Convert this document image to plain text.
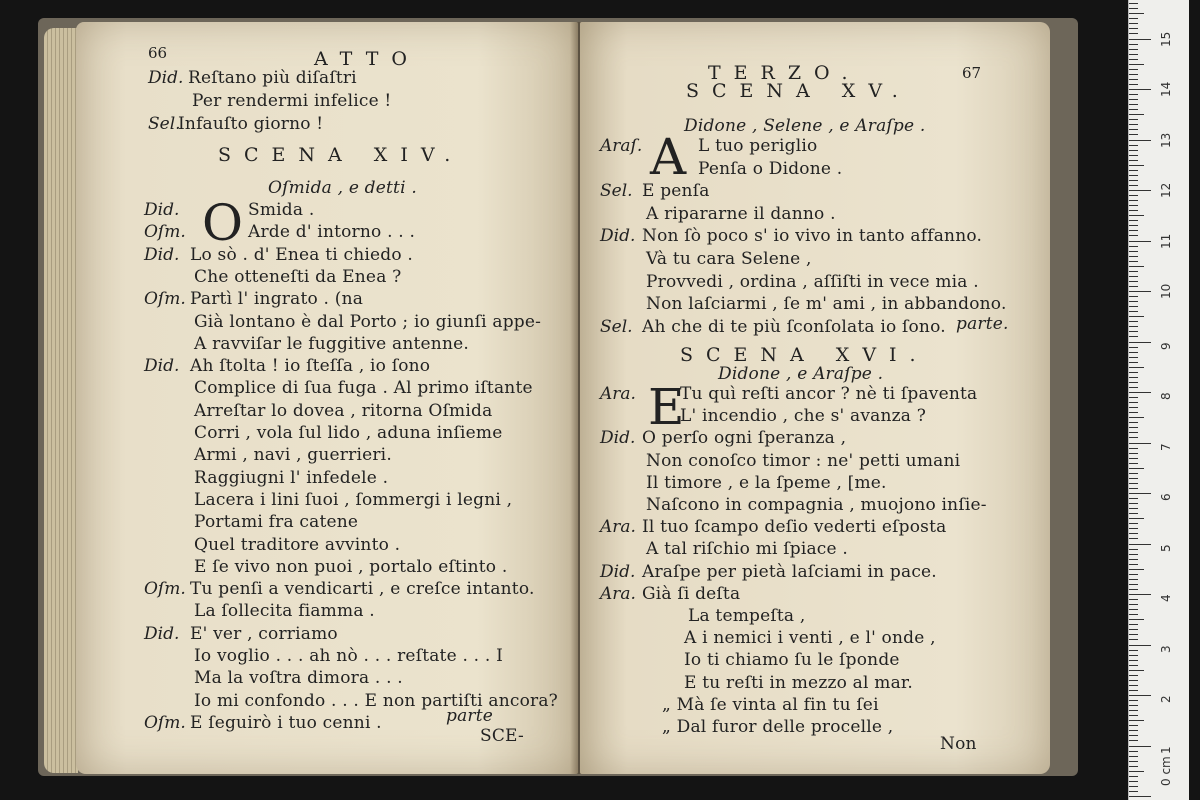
66	ATTO
Did. Reſtano più diſaſtri
Per rendermi infelice !
Sel.
Infauſto giorno !
SCENA XIV.
Oſmida , e detti .
O
Did.	Smida .
Oſm.	Arde d' intorno . . .
Did. Lo sò . d' Enea ti chiedo .
Che otteneſti da Enea ?
Oſm. Partì l' ingrato . (na
Già lontano è dal Porto ; io giunſi appe-
A ravviſar le fuggitive antenne.
Did. Ah ſtolta ! io ſteſſa , io ſono
Complice di ſua fuga . Al primo iſtante
Arreſtar lo dovea , ritorna Oſmida
Corri , vola ſul lido , aduna inſieme
Armi , navi , guerrieri.
Raggiugni l' infedele .
Lacera i lini ſuoi , ſommergi i legni ,
Portami fra catene
Quel traditore avvinto .
E ſe vivo non puoi , portalo eſtinto .
Oſm. Tu penſi a vendicarti , e creſce intanto.
La ſollecita fiamma .
Did. E' ver , corriamo
Io voglio . . . ah nò . . . reſtate . . . I
Ma la voſtra dimora . . .
Io mi confondo . . . E non partiſti ancora?
Oſm. E ſeguirò i tuo cenni .	parte
SCE-
TERZO.	67
SCENA XV.
Didone , Selene , e Araſpe .
A
Araſ.	L tuo periglio
Penſa o Didone .
Sel. E penſa
A ripararne il danno .
Did. Non ſò poco s' io vivo in tanto affanno.
Và tu cara Selene ,
Provvedi , ordina , aſſiſti in vece mia .
Non laſciarmi , ſe m' ami , in abbandono.
Sel. Ah che di te più ſconſolata io ſono. parte.
SCENA XVI.
Didone , e Araſpe .
E
Ara.	Tu quì reſti ancor ? nè ti ſpaventa
L' incendio , che s' avanza ?
Did. O perſo ogni ſperanza ,
Non conoſco timor : ne' petti umani
Il timore , e la ſpeme , [me.
Naſcono in compagnia , muojono inſie-
Ara. Il tuo ſcampo deſio vederti eſposta
A tal riſchio mi ſpiace .
Did. Araſpe per pietà laſciami in pace.
Ara. Già ſi deſta
La tempeſta ,
A i nemici i venti , e l' onde ,
Io ti chiamo ſu le ſponde
E tu reſti in mezzo al mar.
„ Mà ſe vinta al fin tu ſei
„ Dal furor delle procelle ,
Non	1
2
3
4
5
6
7
8
9
10
11
12
13
14
15
0 cm
